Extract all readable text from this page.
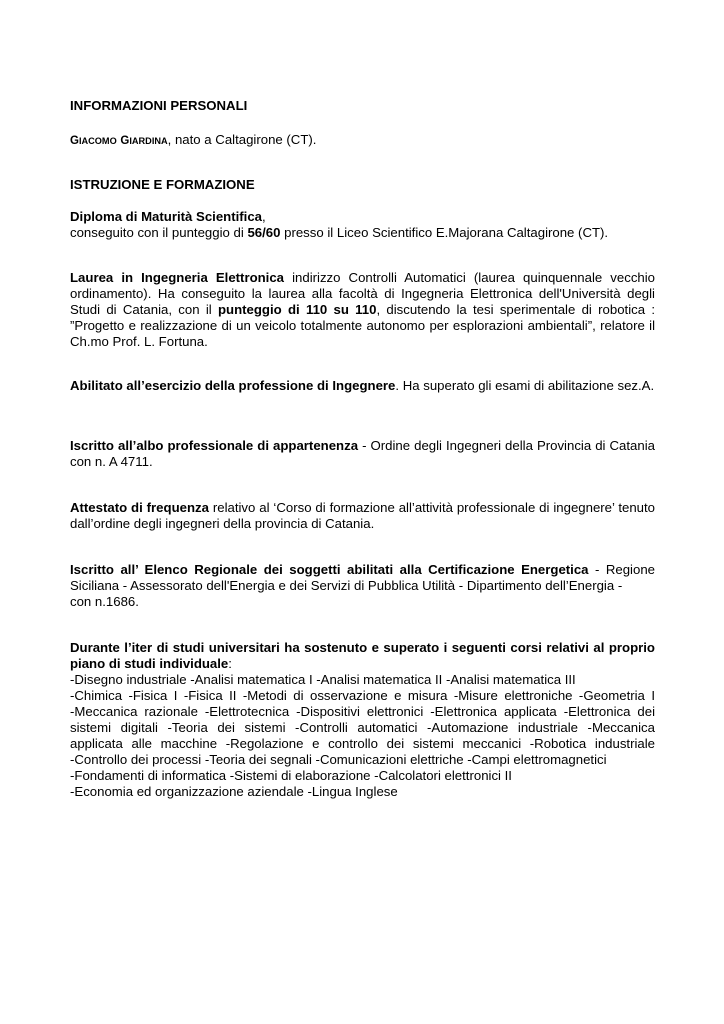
INFORMAZIONI PERSONALI

GIACOMO GIARDINA, nato a Caltagirone (CT).

ISTRUZIONE E FORMAZIONE

Diploma di Maturità Scientifica,
conseguito con il punteggio di 56/60 presso il Liceo Scientifico E.Majorana Caltagirone (CT).

Laurea in Ingegneria Elettronica indirizzo Controlli Automatici (laurea quinquennale vecchio ordinamento). Ha conseguito la laurea alla facoltà di Ingegneria Elettronica dell'Università degli Studi di Catania, con il punteggio di 110 su 110, discutendo la tesi sperimentale di robotica : ”Progetto e realizzazione di un veicolo totalmente autonomo per esplorazioni ambientali”, relatore il Ch.mo Prof. L. Fortuna.

Abilitato all’esercizio della professione di Ingegnere. Ha superato gli esami di abilitazione sez.A.

Iscritto all’albo professionale di appartenenza - Ordine degli Ingegneri della Provincia di Catania con n. A 4711.

Attestato di frequenza relativo al ‘Corso di formazione all’attività professionale di ingegnere’ tenuto dall’ordine degli ingegneri della provincia di Catania.

Iscritto all’ Elenco Regionale dei soggetti abilitati alla Certificazione Energetica - Regione
Siciliana - Assessorato dell'Energia e dei Servizi di Pubblica Utilità - Dipartimento dell’Energia -
con n.1686.

Durante l’iter di studi universitari ha sostenuto e superato i seguenti corsi relativi al proprio piano di studi individuale:

-Disegno industriale -Analisi matematica I -Analisi matematica II -Analisi matematica III
-Chimica -Fisica I -Fisica II -Metodi di osservazione e misura -Misure elettroniche -Geometria I
-Meccanica razionale -Elettrotecnica -Dispositivi elettronici -Elettronica applicata -Elettronica dei
sistemi digitali -Teoria dei sistemi -Controlli automatici -Automazione industriale -Meccanica
applicata alle macchine -Regolazione e controllo dei sistemi meccanici -Robotica industriale
-Controllo dei processi -Teoria dei segnali -Comunicazioni elettriche -Campi elettromagnetici
-Fondamenti di informatica -Sistemi di elaborazione -Calcolatori elettronici II
-Economia ed organizzazione aziendale -Lingua Inglese
